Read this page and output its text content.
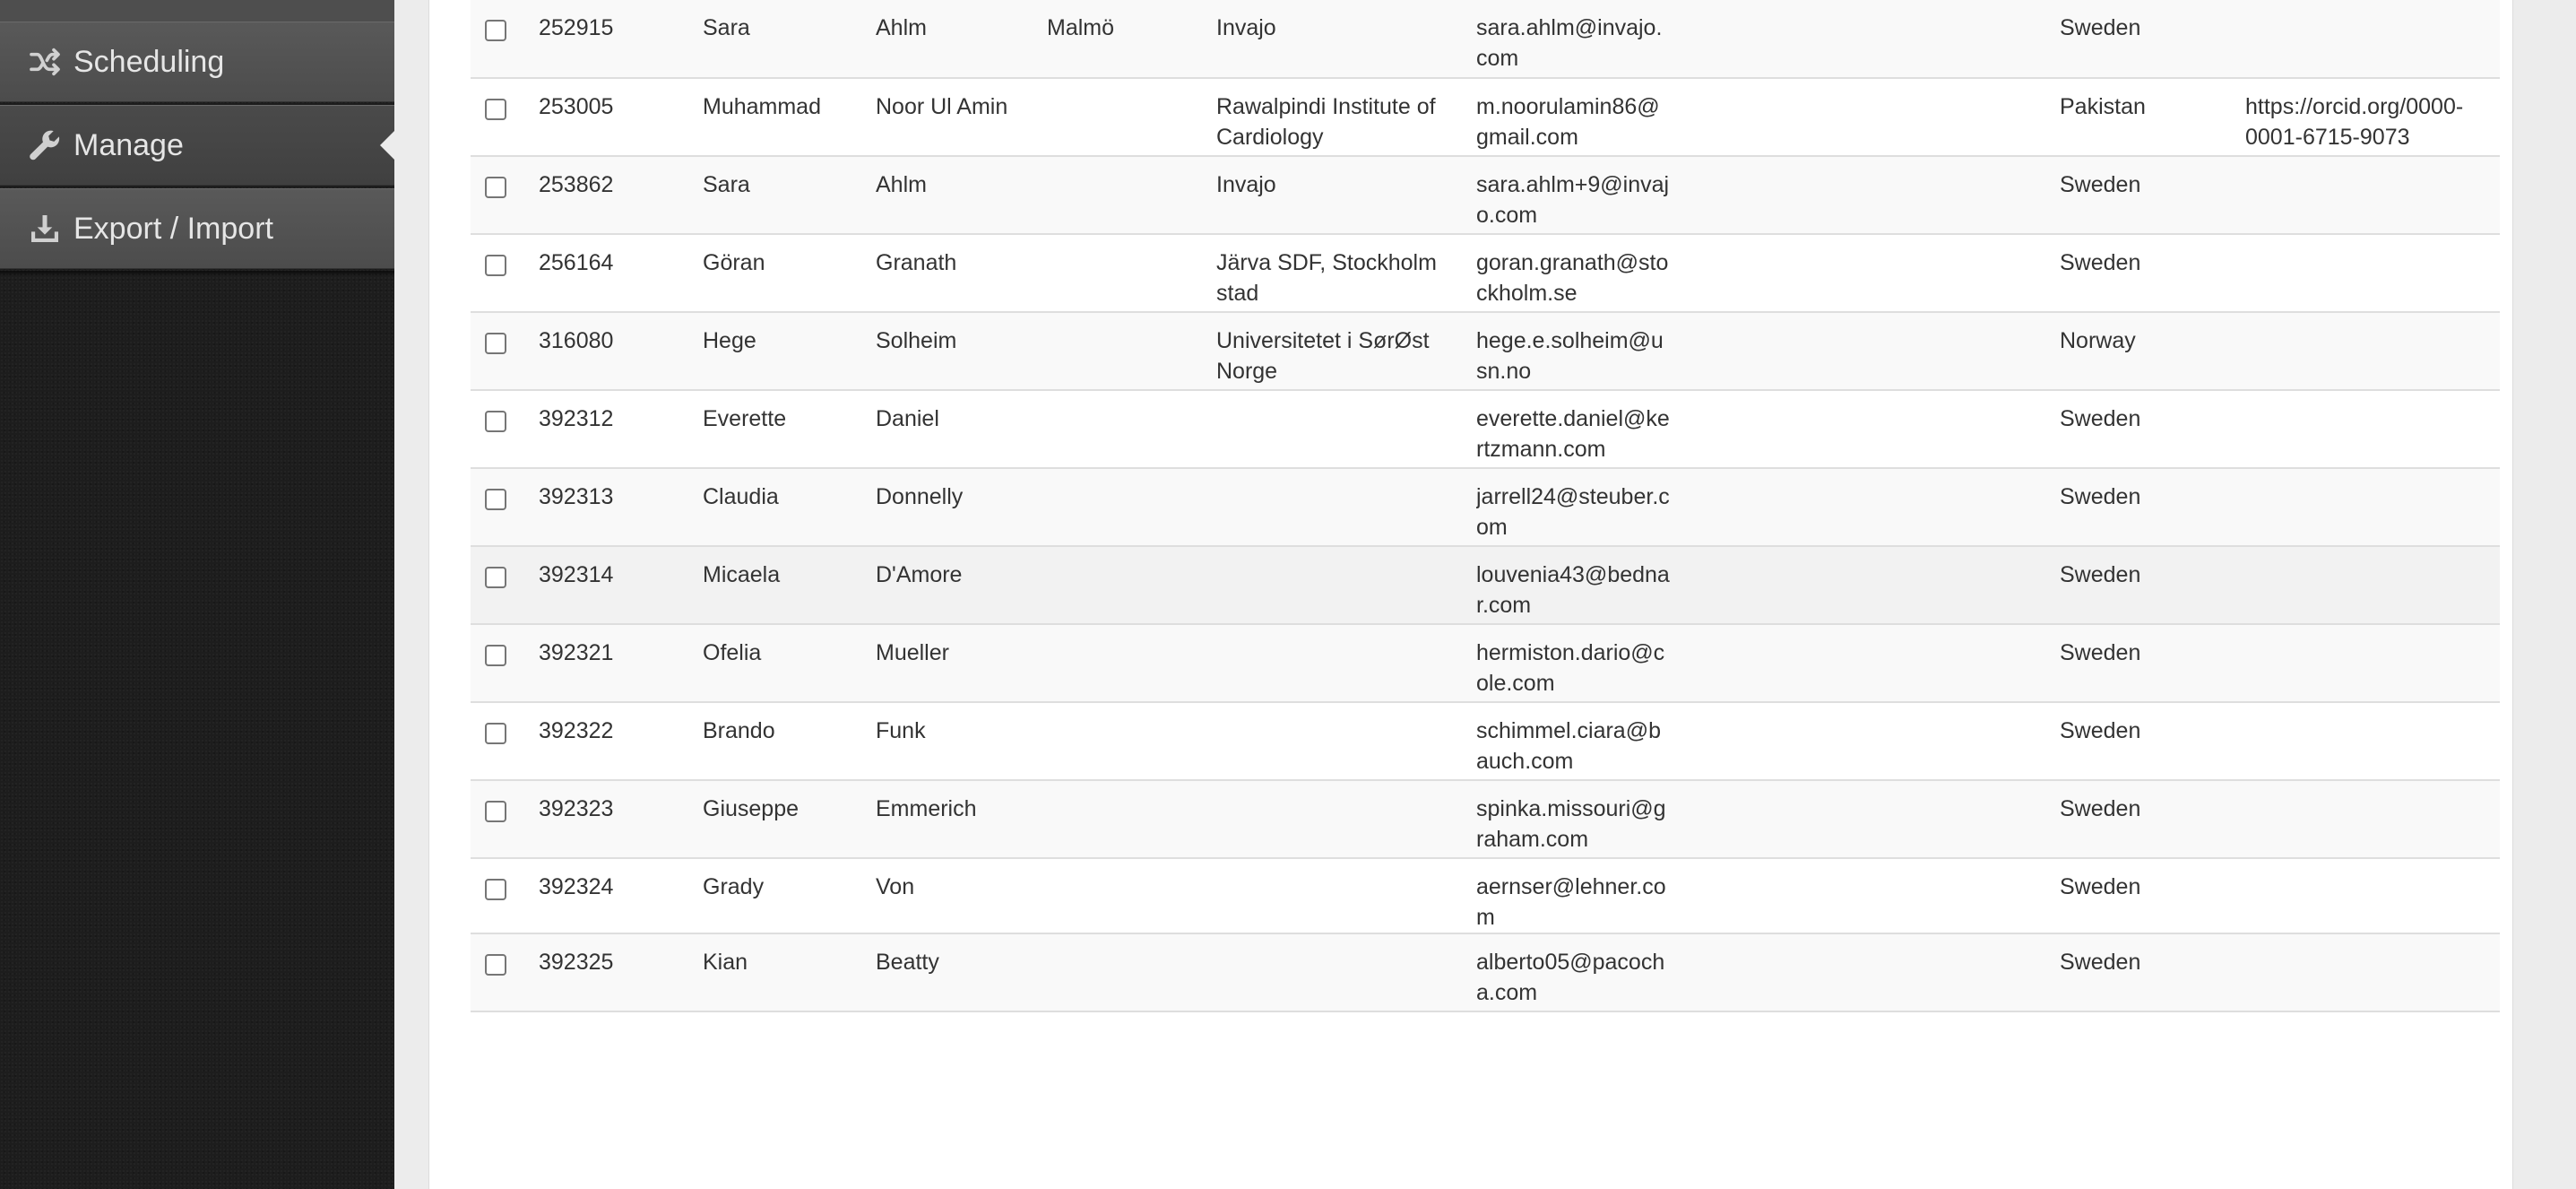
Scheduling
Manage
Export / Import
	252915	Sara	Ahlm	Malmö	Invajo	sara.ahlm@invajo.com	Sweden	

	253005	Muhammad	Noor Ul Amin		Rawalpindi Institute of Cardiology	m.noorulamin86@gmail.com	Pakistan	https://orcid.org/0000-0001-6715-9073

	253862	Sara	Ahlm		Invajo	sara.ahlm+9@invajo.com	Sweden	

	256164	Göran	Granath		Järva SDF, Stockholm stad	goran.granath@stockholm.se	Sweden	

	316080	Hege	Solheim		Universitetet i SørØst Norge	hege.e.solheim@usn.no	Norway	

	392312	Everette	Daniel			everette.daniel@kertzmann.com	Sweden	

	392313	Claudia	Donnelly			jarrell24@steuber.com	Sweden	

	392314	Micaela	D'Amore			louvenia43@bednar.com	Sweden	

	392321	Ofelia	Mueller			hermiston.dario@cole.com	Sweden	

	392322	Brando	Funk			schimmel.ciara@bauch.com	Sweden	

	392323	Giuseppe	Emmerich			spinka.missouri@graham.com	Sweden	

	392324	Grady	Von			aernser@lehner.com	Sweden	

	392325	Kian	Beatty			alberto05@pacocha.com	Sweden	
